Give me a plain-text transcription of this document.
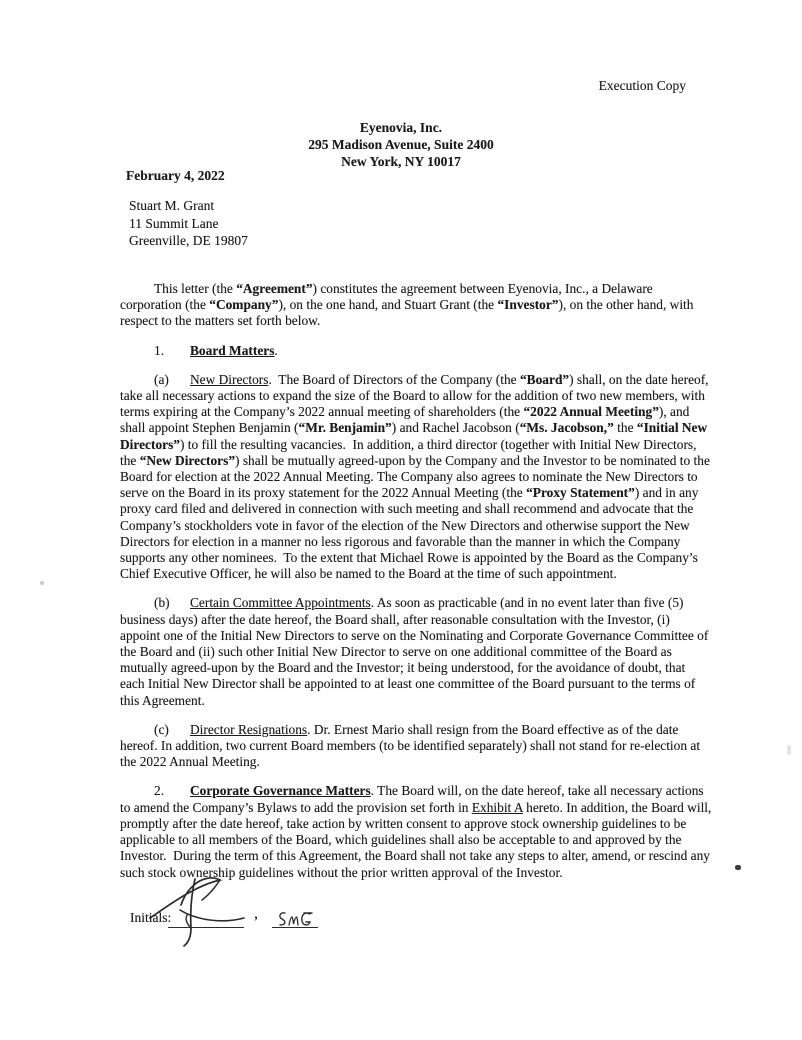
Execution Copy
Eyenovia, Inc.
295 Madison Avenue, Suite 2400
New York, NY 10017
February 4, 2022
Stuart M. Grant
11 Summit Lane
Greenville, DE 19807

This letter (the “Agreement”) constitutes the agreement between Eyenovia, Inc., a Delaware corporation (the “Company”), on the one hand, and Stuart Grant (the “Investor”), on the other hand, with respect to the matters set forth below.

1. Board Matters.

(a) New Directors.  The Board of Directors of the Company (the “Board”) shall, on the date hereof, take all necessary actions to expand the size of the Board to allow for the addition of two new members, with terms expiring at the Company’s 2022 annual meeting of shareholders (the “2022 Annual Meeting”), and shall appoint Stephen Benjamin (“Mr. Benjamin”) and Rachel Jacobson (“Ms. Jacobson,” the “Initial New Directors”) to fill the resulting vacancies.  In addition, a third director (together with Initial New Directors, the “New Directors”) shall be mutually agreed-upon by the Company and the Investor to be nominated to the Board for election at the 2022 Annual Meeting. The Company also agrees to nominate the New Directors to serve on the Board in its proxy statement for the 2022 Annual Meeting (the “Proxy Statement”) and in any proxy card filed and delivered in connection with such meeting and shall recommend and advocate that the Company’s stockholders vote in favor of the election of the New Directors and otherwise support the New Directors for election in a manner no less rigorous and favorable than the manner in which the Company supports any other nominees.  To the extent that Michael Rowe is appointed by the Board as the Company’s Chief Executive Officer, he will also be named to the Board at the time of such appointment.

(b) Certain Committee Appointments. As soon as practicable (and in no event later than five (5) business days) after the date hereof, the Board shall, after reasonable consultation with the Investor, (i) appoint one of the Initial New Directors to serve on the Nominating and Corporate Governance Committee of the Board and (ii) such other Initial New Director to serve on one additional committee of the Board as mutually agreed-upon by the Board and the Investor; it being understood, for the avoidance of doubt, that each Initial New Director shall be appointed to at least one committee of the Board pursuant to the terms of this Agreement.

(c) Director Resignations. Dr. Ernest Mario shall resign from the Board effective as of the date hereof. In addition, two current Board members (to be identified separately) shall not stand for re-election at the 2022 Annual Meeting.

2. Corporate Governance Matters. The Board will, on the date hereof, take all necessary actions to amend the Company’s Bylaws to add the provision set forth in Exhibit A hereto. In addition, the Board will, promptly after the date hereof, take action by written consent to approve stock ownership guidelines to be applicable to all members of the Board, which guidelines shall also be acceptable to and approved by the Investor.  During the term of this Agreement, the Board shall not take any steps to alter, amend, or rescind any such stock ownership guidelines without the prior written approval of the Investor.

Initials:	,
